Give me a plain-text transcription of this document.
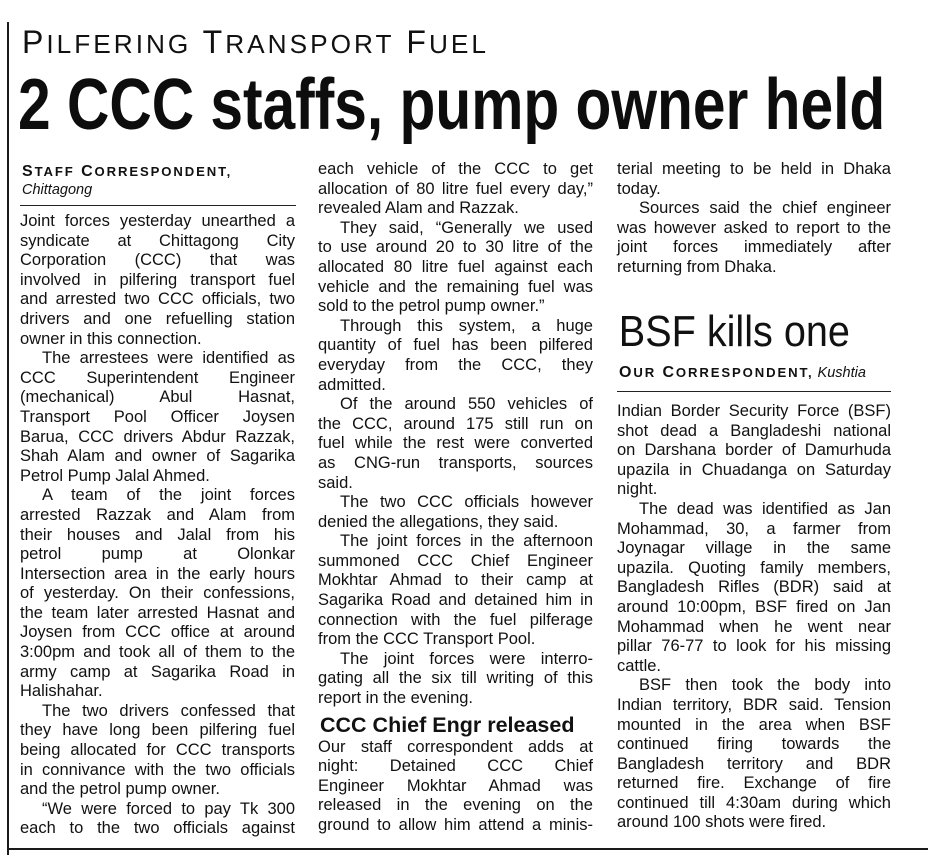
PILFERING TRANSPORT FUEL
2 CCC staffs, pump owner held
STAFF CORRESPONDENT,
Chittagong
Joint forces yesterday unearthed a
syndicate at Chittagong City
Corporation (CCC) that was
involved in pilfering transport fuel
and arrested two CCC officials, two
drivers and one refuelling station
owner in this connection.
The arrestees were identified as
CCC Superintendent Engineer
(mechanical) Abul Hasnat,
Transport Pool Officer Joysen
Barua, CCC drivers Abdur Razzak,
Shah Alam and owner of Sagarika
Petrol Pump Jalal Ahmed.
A team of the joint forces
arrested Razzak and Alam from
their houses and Jalal from his
petrol pump at Olonkar
Intersection area in the early hours
of yesterday. On their confessions,
the team later arrested Hasnat and
Joysen from CCC office at around
3:00pm and took all of them to the
army camp at Sagarika Road in
Halishahar.
The two drivers confessed that
they have long been pilfering fuel
being allocated for CCC transports
in connivance with the two officials
and the petrol pump owner.
“We were forced to pay Tk 300
each to the two officials against
each vehicle of the CCC to get
allocation of 80 litre fuel every day,”
revealed Alam and Razzak.
They said, “Generally we used
to use around 20 to 30 litre of the
allocated 80 litre fuel against each
vehicle and the remaining fuel was
sold to the petrol pump owner.”
Through this system, a huge
quantity of fuel has been pilfered
everyday from the CCC, they
admitted.
Of the around 550 vehicles of
the CCC, around 175 still run on
fuel while the rest were converted
as CNG-run transports, sources
said.
The two CCC officials however
denied the allegations, they said.
The joint forces in the afternoon
summoned CCC Chief Engineer
Mokhtar Ahmad to their camp at
Sagarika Road and detained him in
connection with the fuel pilferage
from the CCC Transport Pool.
The joint forces were interro-
gating all the six till writing of this
report in the evening.
CCC Chief Engr released
Our staff correspondent adds at
night: Detained CCC Chief
Engineer Mokhtar Ahmad was
released in the evening on the
ground to allow him attend a minis-
terial meeting to be held in Dhaka
today.
Sources said the chief engineer
was however asked to report to the
joint forces immediately after
returning from Dhaka.
BSF kills one
OUR CORRESPONDENT, Kushtia
Indian Border Security Force (BSF)
shot dead a Bangladeshi national
on Darshana border of Damurhuda
upazila in Chuadanga on Saturday
night.
The dead was identified as Jan
Mohammad, 30, a farmer from
Joynagar village in the same
upazila. Quoting family members,
Bangladesh Rifles (BDR) said at
around 10:00pm, BSF fired on Jan
Mohammad when he went near
pillar 76-77 to look for his missing
cattle.
BSF then took the body into
Indian territory, BDR said. Tension
mounted in the area when BSF
continued firing towards the
Bangladesh territory and BDR
returned fire. Exchange of fire
continued till 4:30am during which
around 100 shots were fired.
